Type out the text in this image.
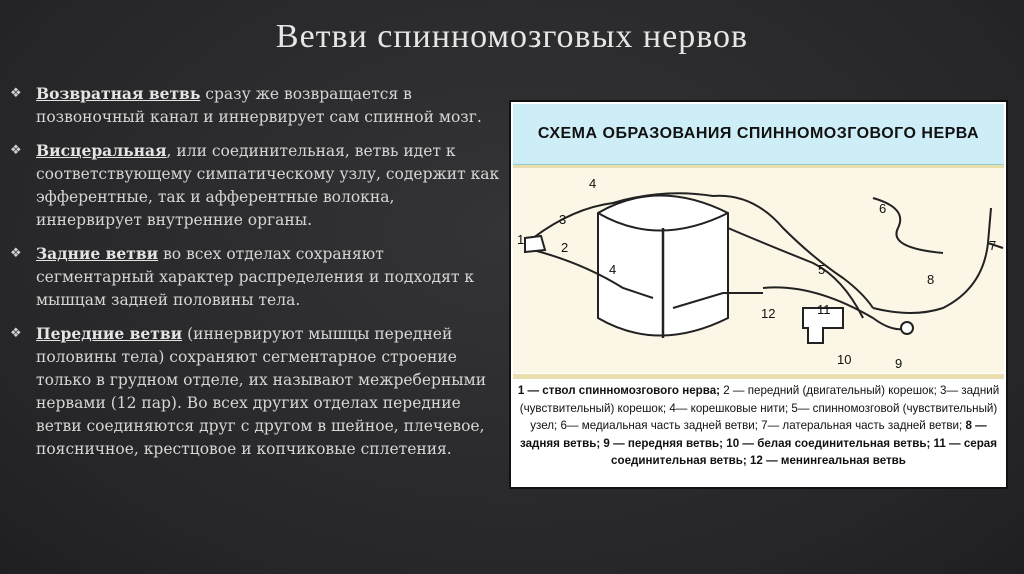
Ветви спинномозговых нервов
❖ Возвратная ветвь сразу же возвращается в позвоночный канал и иннервирует сам спинной мозг.
❖ Висцеральная, или соединительная, ветвь идет к соответствующему симпатическому узлу, содержит как эфферентные, так и афферентные волокна, иннервирует внутренние органы.
❖ Задние ветви во всех отделах сохраняют сегментарный характер распределения и подходят к мышцам задней половины тела.
❖ Передние ветви (иннервируют мышцы передней половины тела) сохраняют сегментарное строение только в грудном отделе, их называют межреберными нервами (12 пар). Во всех других отделах передние ветви соединяются друг с другом в шейное, плечевое, поясничное, крестцовое и копчиковые сплетения.
СХЕМА ОБРАЗОВАНИЯ СПИННОМОЗГОВОГО НЕРВА
1
2
3
4
4	5
6
7
8
9
10
11
12
1 — ствол спинномозгового нерва; 2 — передний (двигательный) корешок; 3— задний (чувствительный) корешок; 4— корешковые нити; 5— спинномозговой (чувствительный) узел; 6— медиальная часть задней ветви; 7— латеральная часть задней ветви; 8 — задняя ветвь; 9 — передняя ветвь; 10 — белая соединительная ветвь; 11 — серая соединительная ветвь; 12 — менингеальная ветвь
